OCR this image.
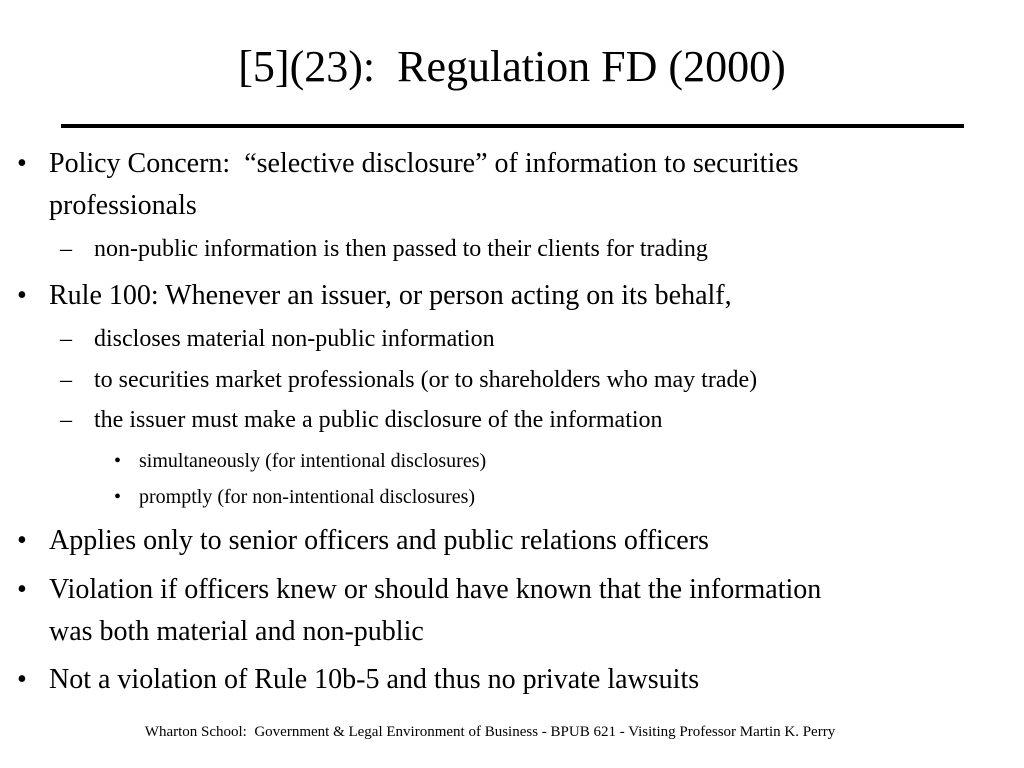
[5](23):  Regulation FD (2000)
• Policy Concern:  “selective disclosure” of information to securities
professionals
– non-public information is then passed to their clients for trading
• Rule 100: Whenever an issuer, or person acting on its behalf,
– discloses material non-public information
– to securities market professionals (or to shareholders who may trade)
– the issuer must make a public disclosure of the information
• simultaneously (for intentional disclosures)
• promptly (for non-intentional disclosures)
• Applies only to senior officers and public relations officers
• Violation if officers knew or should have known that the information
was both material and non-public
• Not a violation of Rule 10b-5 and thus no private lawsuits
Wharton School:  Government & Legal Environment of Business - BPUB 621 - Visiting Professor Martin K. Perry
